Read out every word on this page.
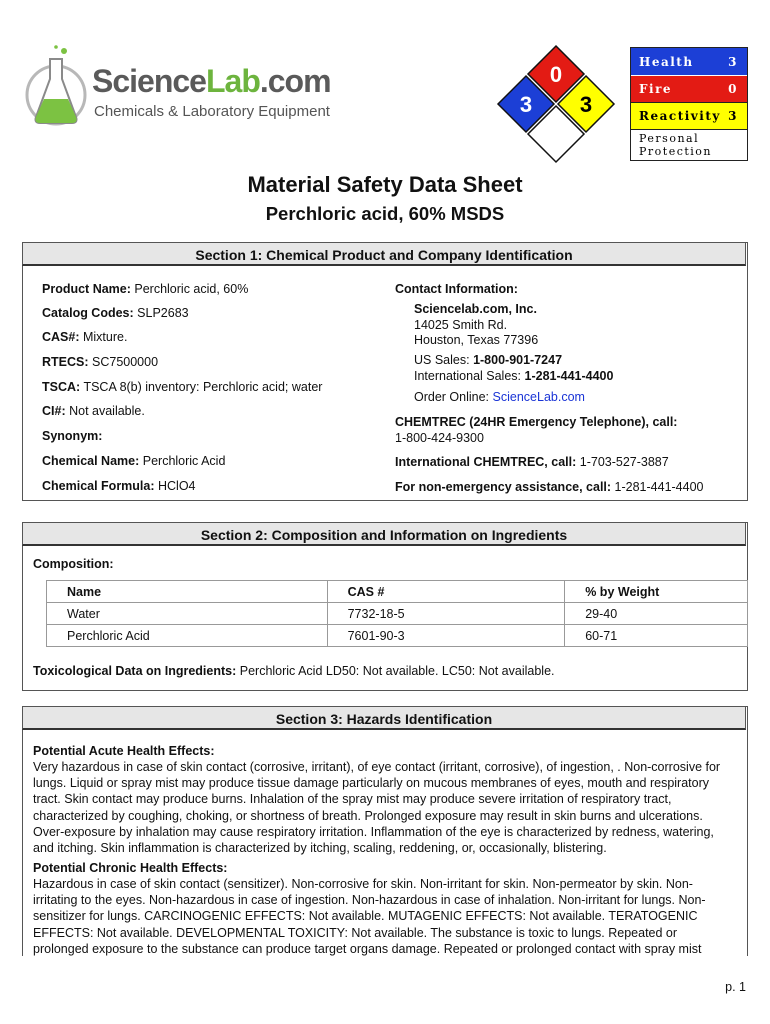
ScienceLab.com
Chemicals & Laboratory Equipment
0
3 3
Health	3
Fire	0
Reactivity 3
Personal
Protection
Material Safety Data Sheet
Perchloric acid, 60% MSDS
Section 1: Chemical Product and Company Identification
Product Name: Perchloric acid, 60%
Catalog Codes: SLP2683
CAS#: Mixture.
RTECS: SC7500000
TSCA: TSCA 8(b) inventory: Perchloric acid; water
CI#: Not available.
Synonym:
Chemical Name: Perchloric Acid
Chemical Formula: HClO4
Contact Information:
Sciencelab.com, Inc.
14025 Smith Rd.
Houston, Texas 77396
US Sales: 1-800-901-7247
International Sales: 1-281-441-4400
Order Online: ScienceLab.com
CHEMTREC (24HR Emergency Telephone), call:
1-800-424-9300
International CHEMTREC, call: 1-703-527-3887
For non-emergency assistance, call: 1-281-441-4400
Section 2: Composition and Information on Ingredients
Composition:
Name	CAS #	% by Weight
Water	7732-18-5	29-40
Perchloric Acid	7601-90-3	60-71
Toxicological Data on Ingredients: Perchloric Acid LD50: Not available. LC50: Not available.
Section 3: Hazards Identification
Potential Acute Health Effects:
Very hazardous in case of skin contact (corrosive, irritant), of eye contact (irritant, corrosive), of ingestion, . Non-corrosive for
lungs. Liquid or spray mist may produce tissue damage particularly on mucous membranes of eyes, mouth and respiratory
tract. Skin contact may produce burns. Inhalation of the spray mist may produce severe irritation of respiratory tract,
characterized by coughing, choking, or shortness of breath. Prolonged exposure may result in skin burns and ulcerations.
Over-exposure by inhalation may cause respiratory irritation. Inflammation of the eye is characterized by redness, watering,
and itching. Skin inflammation is characterized by itching, scaling, reddening, or, occasionally, blistering.
Potential Chronic Health Effects:
Hazardous in case of skin contact (sensitizer). Non-corrosive for skin. Non-irritant for skin. Non-permeator by skin. Non-
irritating to the eyes. Non-hazardous in case of ingestion. Non-hazardous in case of inhalation. Non-irritant for lungs. Non-
sensitizer for lungs. CARCINOGENIC EFFECTS: Not available. MUTAGENIC EFFECTS: Not available. TERATOGENIC
EFFECTS: Not available. DEVELOPMENTAL TOXICITY: Not available. The substance is toxic to lungs. Repeated or
prolonged exposure to the substance can produce target organs damage. Repeated or prolonged contact with spray mist
p. 1
